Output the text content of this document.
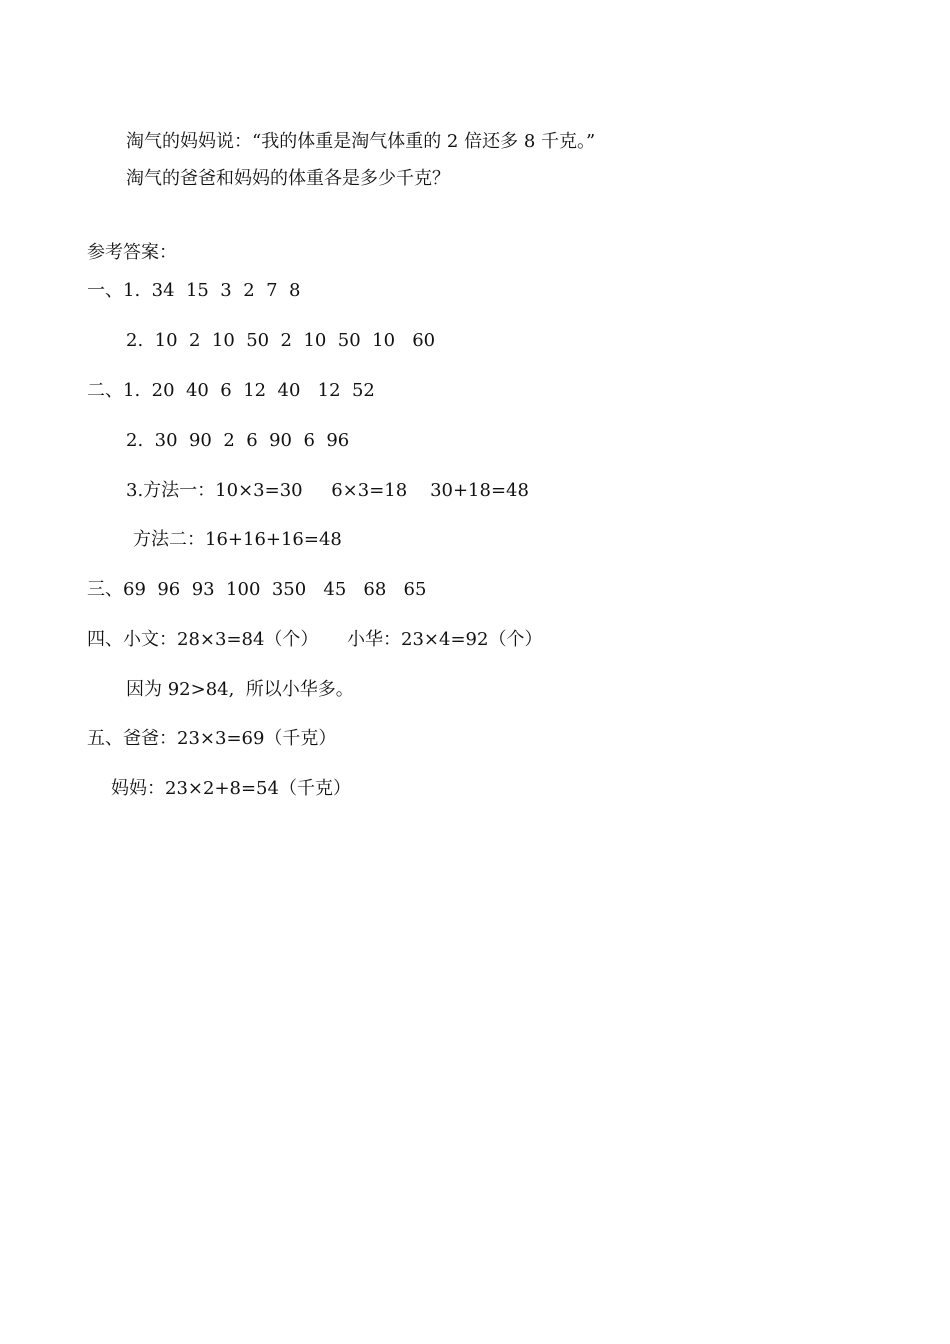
淘气的妈妈说：“我的体重是淘气体重的 2 倍还多 8 千克。”
淘气的爸爸和妈妈的体重各是多少千克？
参考答案：
一、1.  34  15  3  2  7  8
2.  10  2  10  50  2  10  50  10   60
二、1.  20  40  6  12  40   12  52
2.  30  90  2  6  90  6  96
3.方法一：10×3=30     6×3=18    30+18=48
方法二：16+16+16=48
三、69  96  93  100  350   45   68   65
四、小文：28×3=84（个）     小华：23×4=92（个）
因为 92>84,  所以小华多。
五、爸爸：23×3=69（千克）
妈妈：23×2+8=54（千克）
